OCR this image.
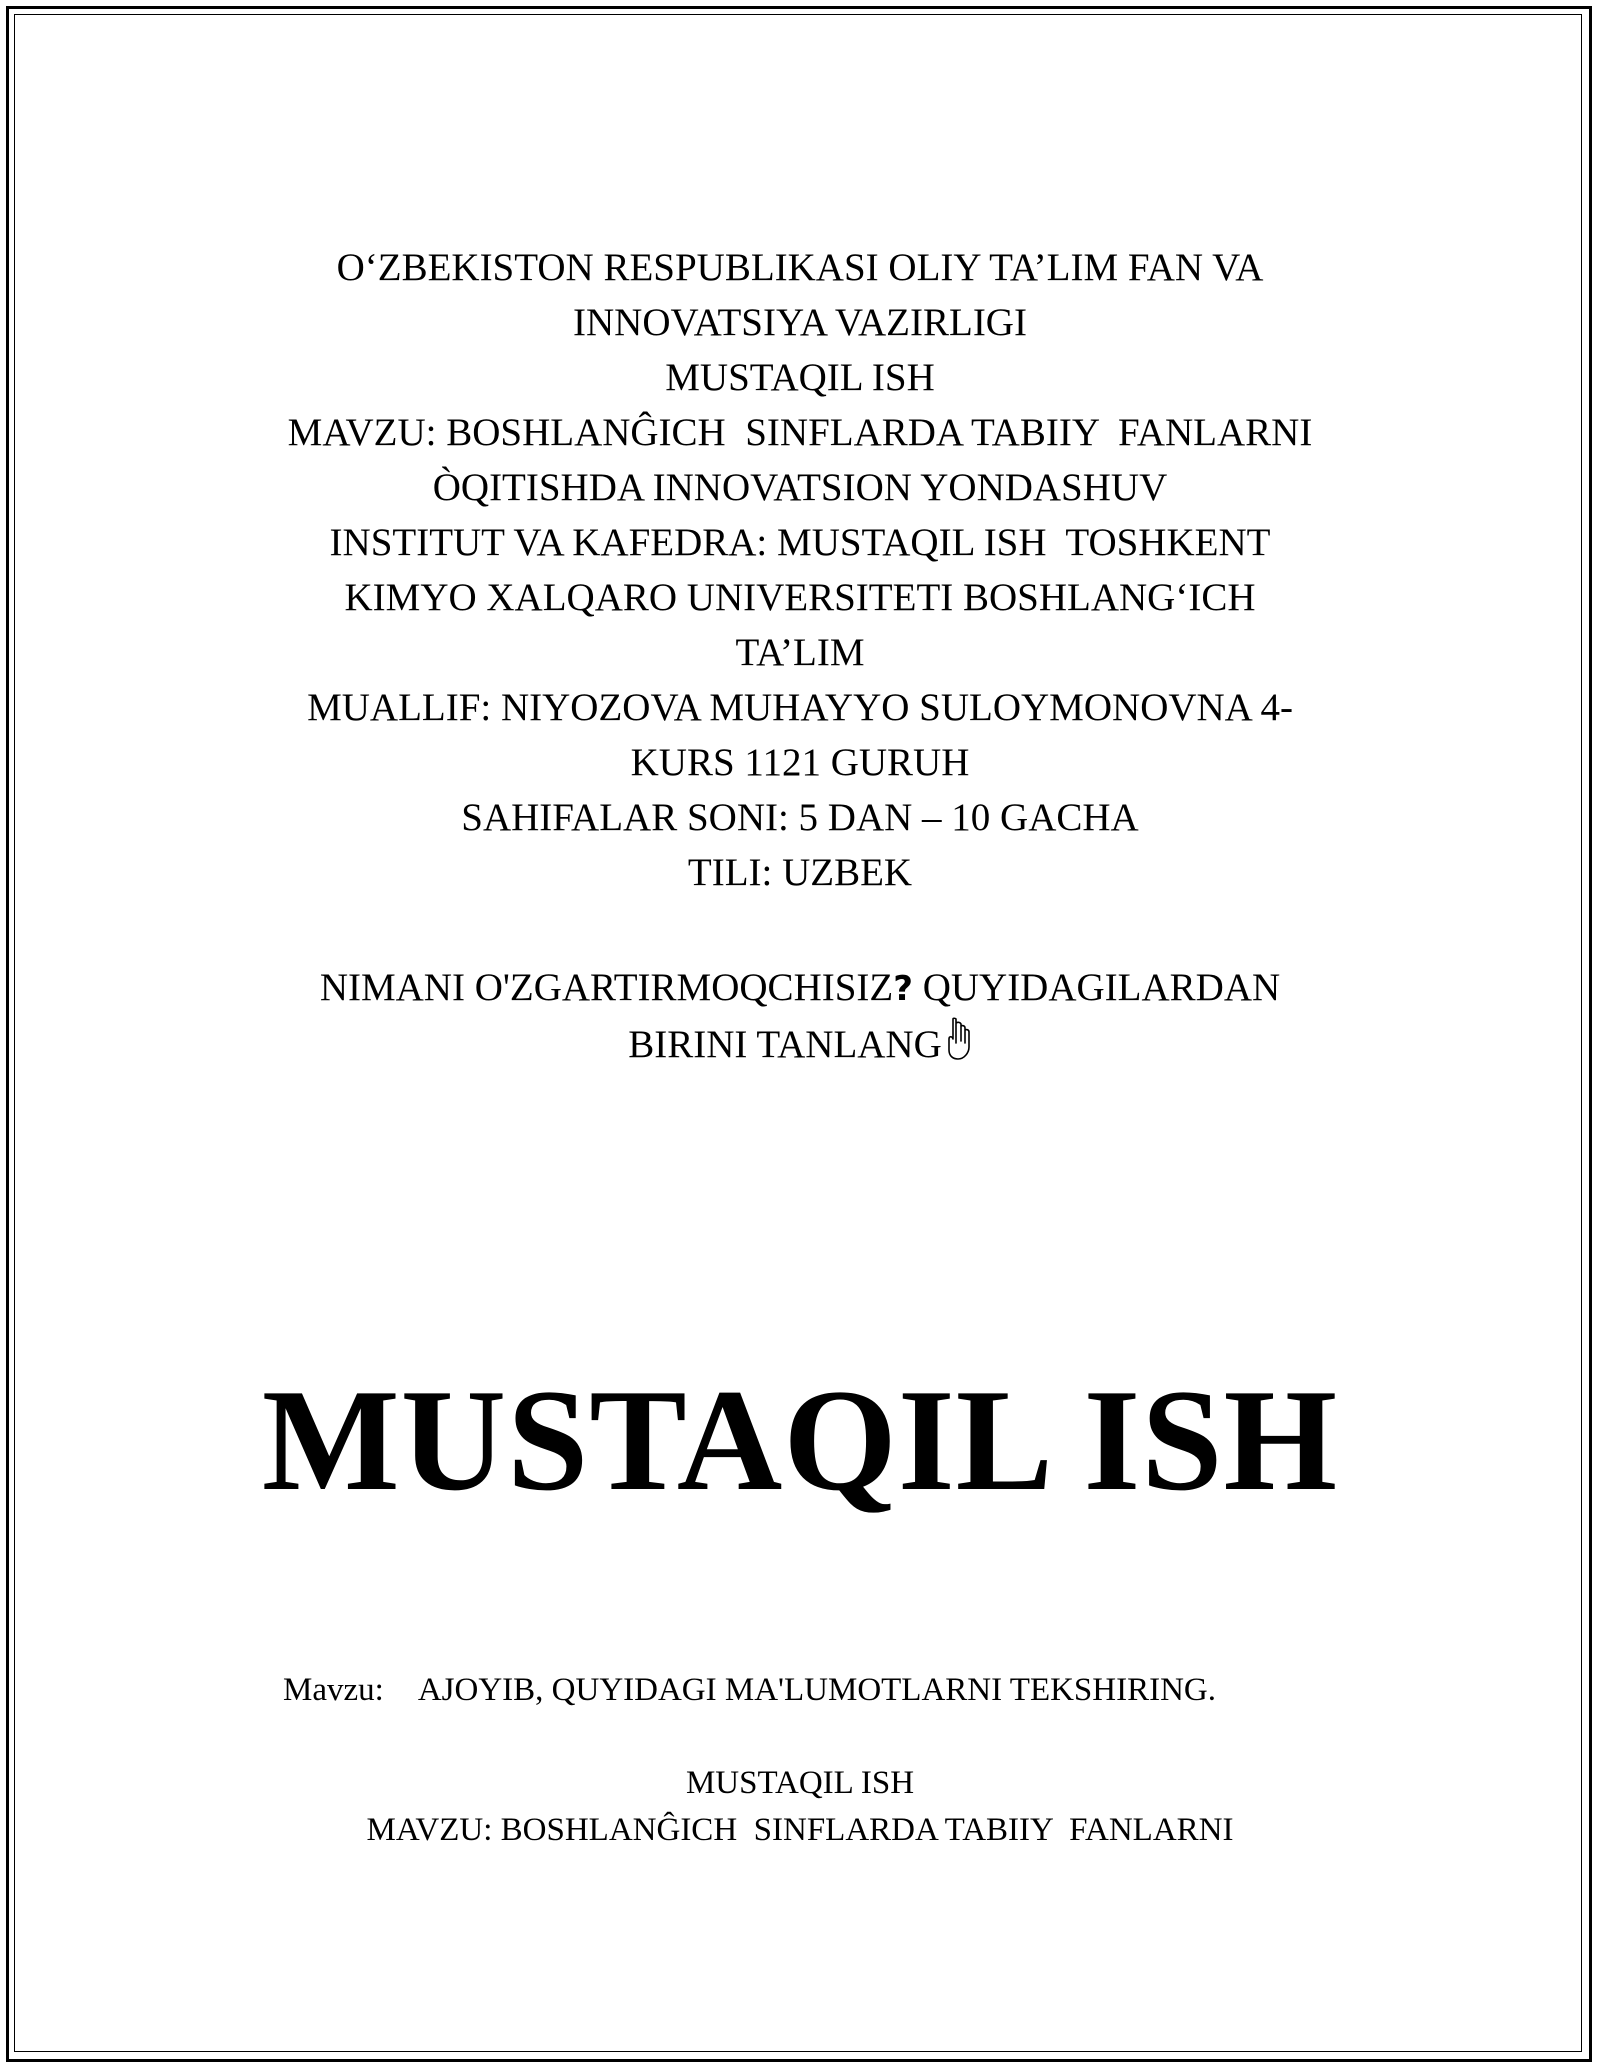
O‘ZBEKISTON RESPUBLIKASI OLIY TA’LIM FAN VA
INNOVATSIYA VAZIRLIGI
MUSTAQIL ISH
MAVZU: BOSHLANĜICH  SINFLARDA TABIIY  FANLARNI
ÒQITISHDA INNOVATSION YONDASHUV
INSTITUT VA KAFEDRA: MUSTAQIL ISH  TOSHKENT
KIMYO XALQARO UNIVERSITETI BOSHLANG‘ICH
TA’LIM
MUALLIF: NIYOZOVA MUHAYYO SULOYMONOVNA 4-
KURS 1121 GURUH
SAHIFALAR SONI: 5 DAN – 10 GACHA
TILI: UZBEK
NIMANI O'ZGARTIRMOQCHISIZ? QUYIDAGILARDAN
BIRINI TANLANG
MUSTAQIL ISH
Mavzu: AJOYIB, QUYIDAGI MA'LUMOTLARNI TEKSHIRING.
MUSTAQIL ISH
MAVZU: BOSHLANĜICH  SINFLARDA TABIIY  FANLARNI
